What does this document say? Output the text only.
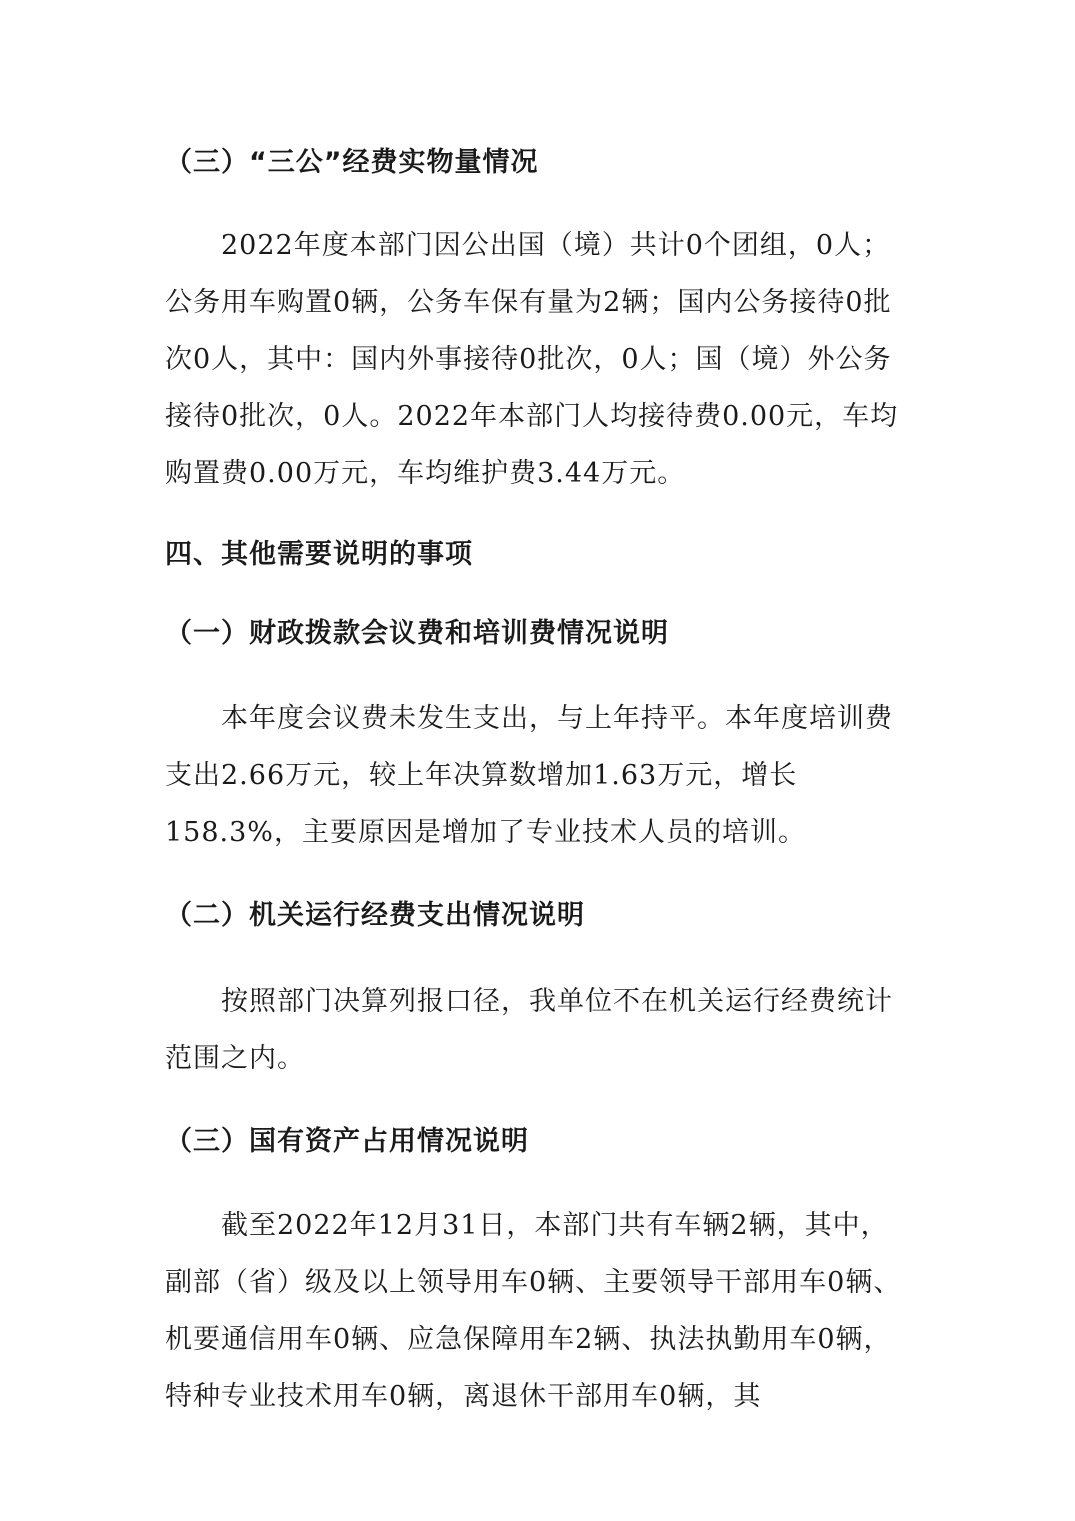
（三）“三公”经费实物量情况

2022年度本部门因公出国（境）共计0个团组，0人；公务用车购置0辆，公务车保有量为2辆；国内公务接待0批次0人，其中：国内外事接待0批次，0人；国（境）外公务接待0批次，0人。2022年本部门人均接待费0.00元，车均购置费0.00万元，车均维护费3.44万元。

四、其他需要说明的事项
（一）财政拨款会议费和培训费情况说明

本年度会议费未发生支出，与上年持平。本年度培训费支出2.66万元，较上年决算数增加1.63万元，增长158.3%，主要原因是增加了专业技术人员的培训。

（二）机关运行经费支出情况说明

按照部门决算列报口径，我单位不在机关运行经费统计范围之内。

（三）国有资产占用情况说明

截至2022年12月31日，本部门共有车辆2辆，其中，副部（省）级及以上领导用车0辆、主要领导干部用车0辆、机要通信用车0辆、应急保障用车2辆、执法执勤用车0辆，特种专业技术用车0辆，离退休干部用车0辆，其
